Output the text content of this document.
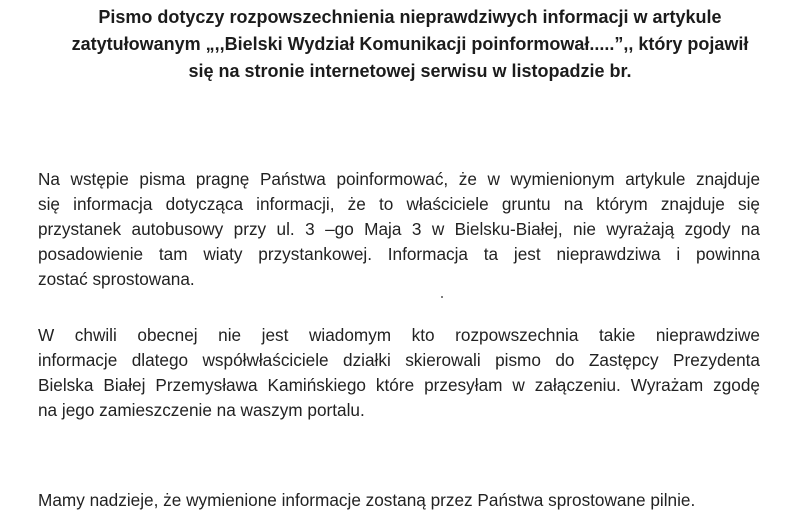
Pismo dotyczy rozpowszechnienia nieprawdziwych informacji w artykule
zatytułowanym „,,Bielski Wydział Komunikacji poinformował.....”,, który pojawił
się na stronie internetowej serwisu w listopadzie br.
Na wstępie pisma pragnę Państwa poinformować, że w wymienionym artykule znajduje
się informacja dotycząca informacji, że to właściciele gruntu na którym znajduje się
przystanek autobusowy przy ul. 3 –go Maja 3 w Bielsku-Białej, nie wyrażają zgody na
posadowienie tam wiaty przystankowej. Informacja ta jest nieprawdziwa i powinna
zostać sprostowana.
W chwili obecnej nie jest wiadomym kto rozpowszechnia takie nieprawdziwe
informacje dlatego współwłaściciele działki skierowali pismo do Zastępcy Prezydenta
Bielska Białej Przemysława Kamińskiego które przesyłam w załączeniu. Wyrażam zgodę
na jego zamieszczenie na waszym portalu.
Mamy nadzieje, że wymienione informacje zostaną przez Państwa sprostowane pilnie.
